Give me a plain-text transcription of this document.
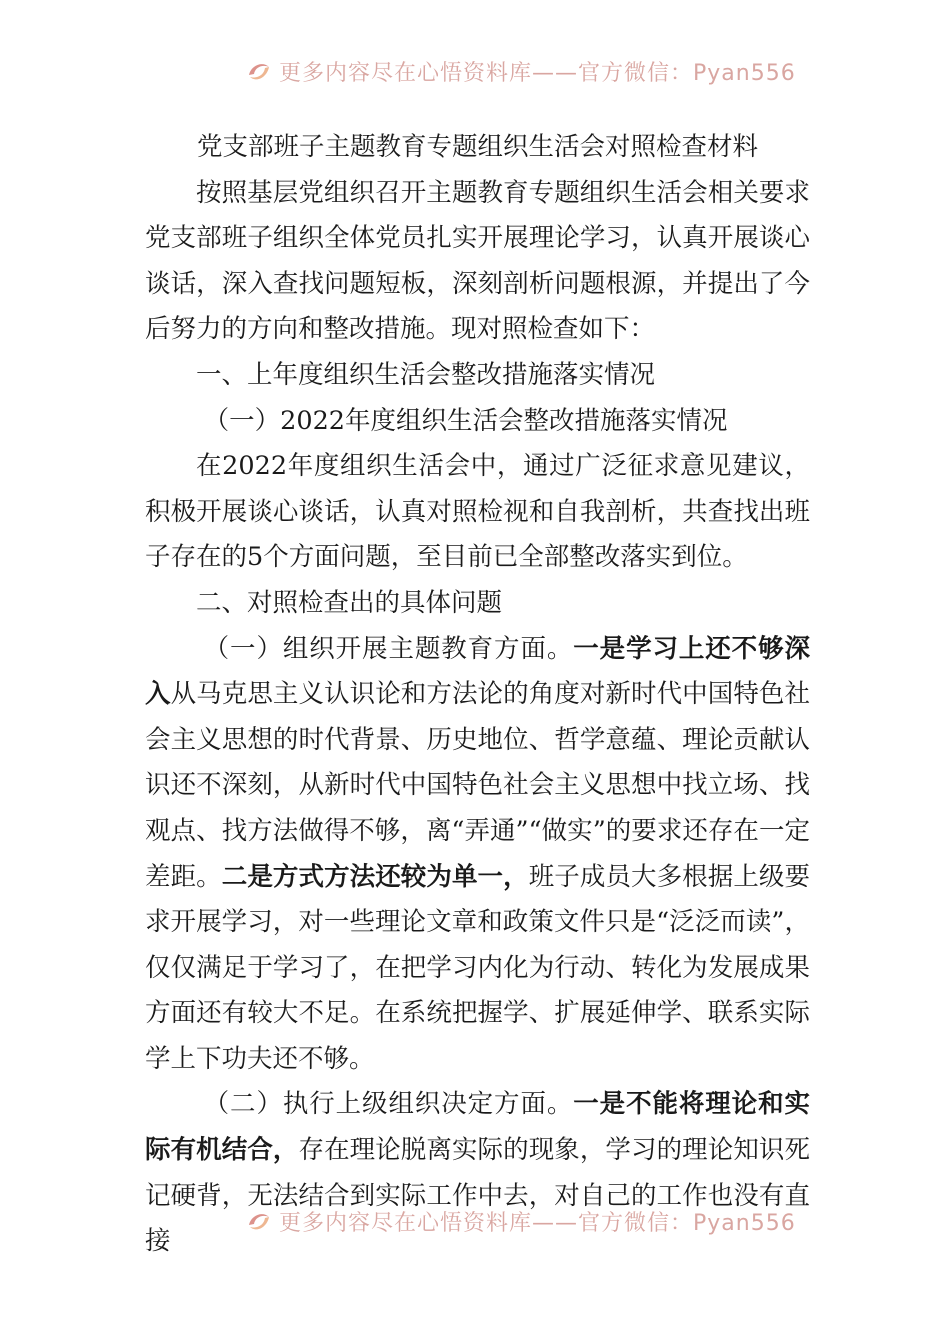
更多内容尽在心悟资料库——官方微信：Pyan556

党支部班子主题教育专题组织生活会对照检查材料

按照基层党组织召开主题教育专题组织生活会相关要求党支部班子组织全体党员扎实开展理论学习，认真开展谈心谈话，深入查找问题短板，深刻剖析问题根源，并提出了今后努力的方向和整改措施。现对照检查如下：

一、上年度组织生活会整改措施落实情况

（一）2022年度组织生活会整改措施落实情况

在2022年度组织生活会中，通过广泛征求意见建议，积极开展谈心谈话，认真对照检视和自我剖析，共查找出班子存在的5个方面问题，至目前已全部整改落实到位。

二、对照检查出的具体问题

（一）组织开展主题教育方面。一是学习上还不够深入从马克思主义认识论和方法论的角度对新时代中国特色社会主义思想的时代背景、历史地位、哲学意蕴、理论贡献认识还不深刻，从新时代中国特色社会主义思想中找立场、找观点、找方法做得不够，离“弄通”“做实”的要求还存在一定差距。二是方式方法还较为单一，班子成员大多根据上级要求开展学习，对一些理论文章和政策文件只是“泛泛而读”，仅仅满足于学习了，在把学习内化为行动、转化为发展成果方面还有较大不足。在系统把握学、扩展延伸学、联系实际学上下功夫还不够。

（二）执行上级组织决定方面。一是不能将理论和实际有机结合，存在理论脱离实际的现象，学习的理论知识死记硬背，无法结合到实际工作中去，对自己的工作也没有直接

更多内容尽在心悟资料库——官方微信：Pyan556
